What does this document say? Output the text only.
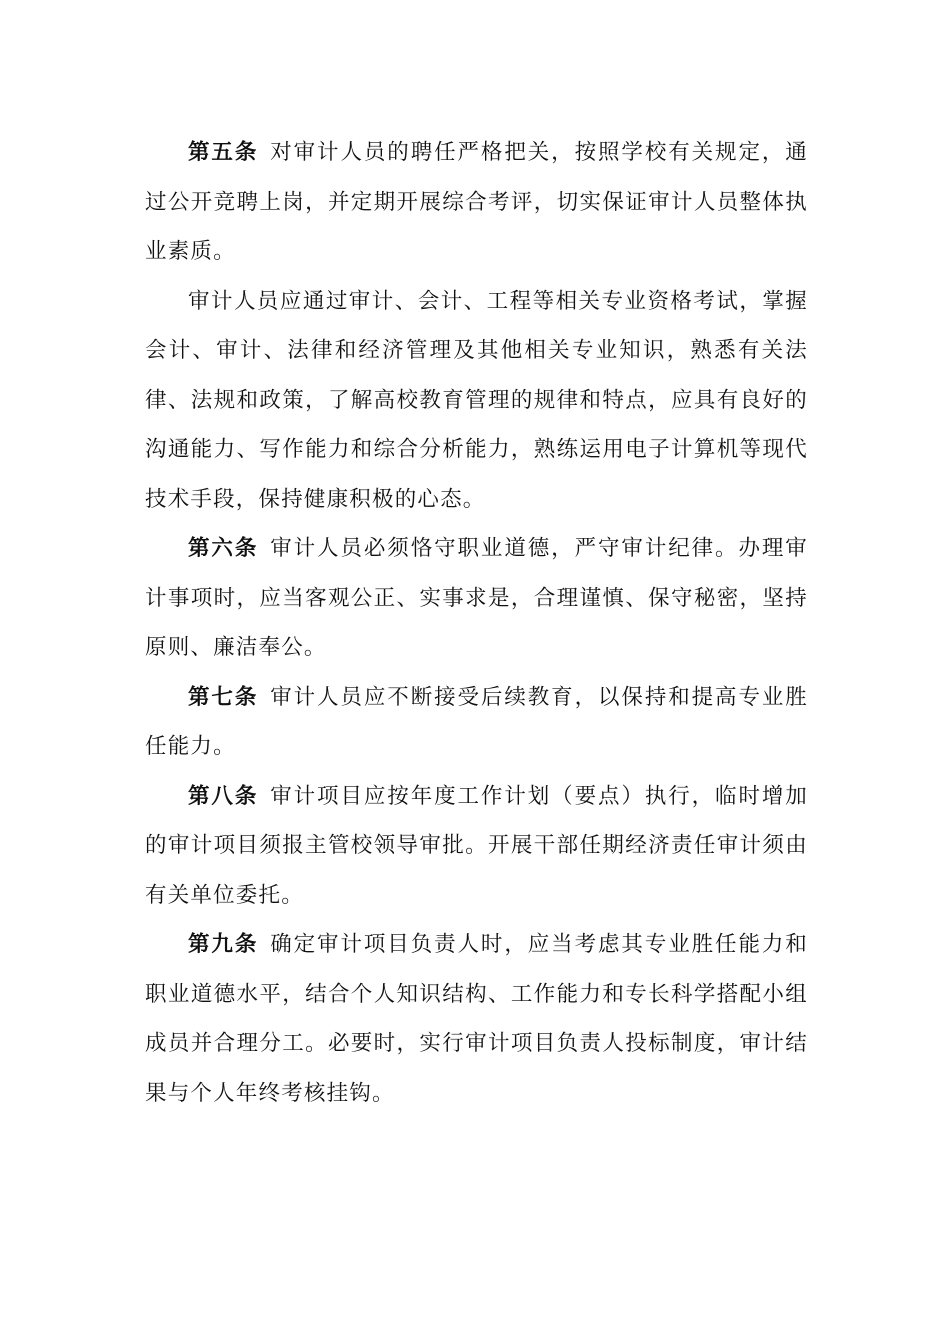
第五条 对审计人员的聘任严格把关，按照学校有关规定，通过公开竞聘上岗，并定期开展综合考评，切实保证审计人员整体执业素质。

审计人员应通过审计、会计、工程等相关专业资格考试，掌握会计、审计、法律和经济管理及其他相关专业知识，熟悉有关法律、法规和政策，了解高校教育管理的规律和特点，应具有良好的沟通能力、写作能力和综合分析能力，熟练运用电子计算机等现代技术手段，保持健康积极的心态。

第六条 审计人员必须恪守职业道德，严守审计纪律。办理审计事项时，应当客观公正、实事求是，合理谨慎、保守秘密，坚持原则、廉洁奉公。

第七条 审计人员应不断接受后续教育，以保持和提高专业胜任能力。

第八条 审计项目应按年度工作计划（要点）执行，临时增加的审计项目须报主管校领导审批。开展干部任期经济责任审计须由有关单位委托。

第九条 确定审计项目负责人时，应当考虑其专业胜任能力和职业道德水平，结合个人知识结构、工作能力和专长科学搭配小组成员并合理分工。必要时，实行审计项目负责人投标制度，审计结果与个人年终考核挂钩。
